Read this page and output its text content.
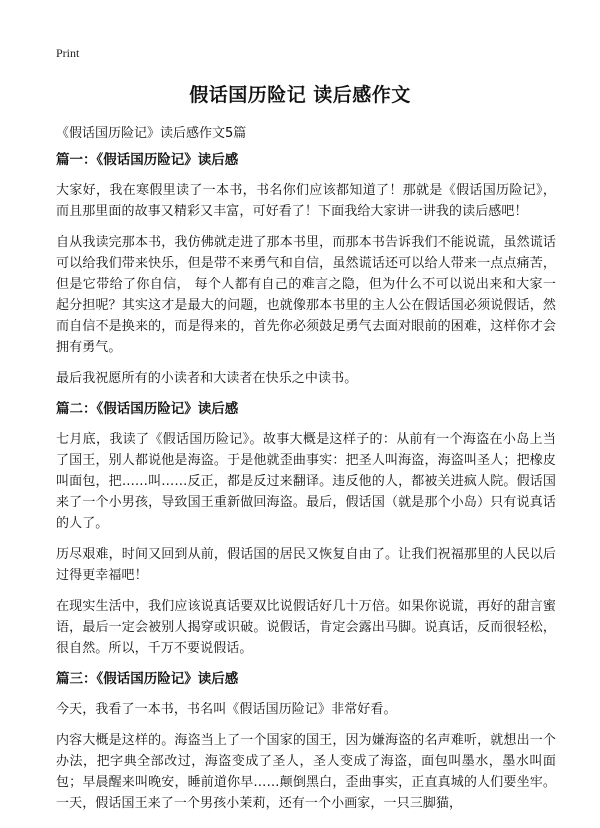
Print
假话国历险记 读后感作文

《假话国历险记》读后感作文5篇

篇一：《假话国历险记》读后感

大家好，我在寒假里读了一本书，书名你们应该都知道了！那就是《假话国历险记》，而且那里面的故事又精彩又丰富，可好看了！下面我给大家讲一讲我的读后感吧！

自从我读完那本书，我仿佛就走进了那本书里，而那本书告诉我们不能说谎，虽然谎话可以给我们带来快乐，但是带不来勇气和自信，虽然谎话还可以给人带来一点点痛苦，但是它带给了你自信， 每个人都有自己的难言之隐，但为什么不可以说出来和大家一起分担呢？其实这才是最大的问题，也就像那本书里的主人公在假话国必须说假话，然而自信不是换来的，而是得来的，首先你必须鼓足勇气去面对眼前的困难，这样你才会拥有勇气。

最后我祝愿所有的小读者和大读者在快乐之中读书。

篇二：《假话国历险记》读后感

七月底，我读了《假话国历险记》。故事大概是这样子的：从前有一个海盗在小岛上当了国王，别人都说他是海盗。于是他就歪曲事实：把圣人叫海盗，海盗叫圣人；把橡皮叫面包，把……叫……反正，都是反过来翻译。违反他的人，都被关进疯人院。假话国来了一个小男孩，导致国王重新做回海盗。最后，假话国（就是那个小岛）只有说真话的人了。

历尽艰难，时间又回到从前，假话国的居民又恢复自由了。让我们祝福那里的人民以后过得更幸福吧！

在现实生活中，我们应该说真话要双比说假话好几十万倍。如果你说谎，再好的甜言蜜语，最后一定会被别人揭穿或识破。说假话，肯定会露出马脚。说真话，反而很轻松，很自然。所以，千万不要说假话。

篇三：《假话国历险记》读后感

今天，我看了一本书，书名叫《假话国历险记》非常好看。

内容大概是这样的。海盗当上了一个国家的国王，因为嫌海盗的名声难听，就想出一个办法，把字典全部改过，海盗变成了圣人，圣人变成了海盗，面包叫墨水，墨水叫面包；早晨醒来叫晚安，睡前道你早……颠倒黑白，歪曲事实，正直真城的人们要坐牢。一天，假话国王来了一个男孩小茉莉，还有一个小画家，一只三脚猫，
